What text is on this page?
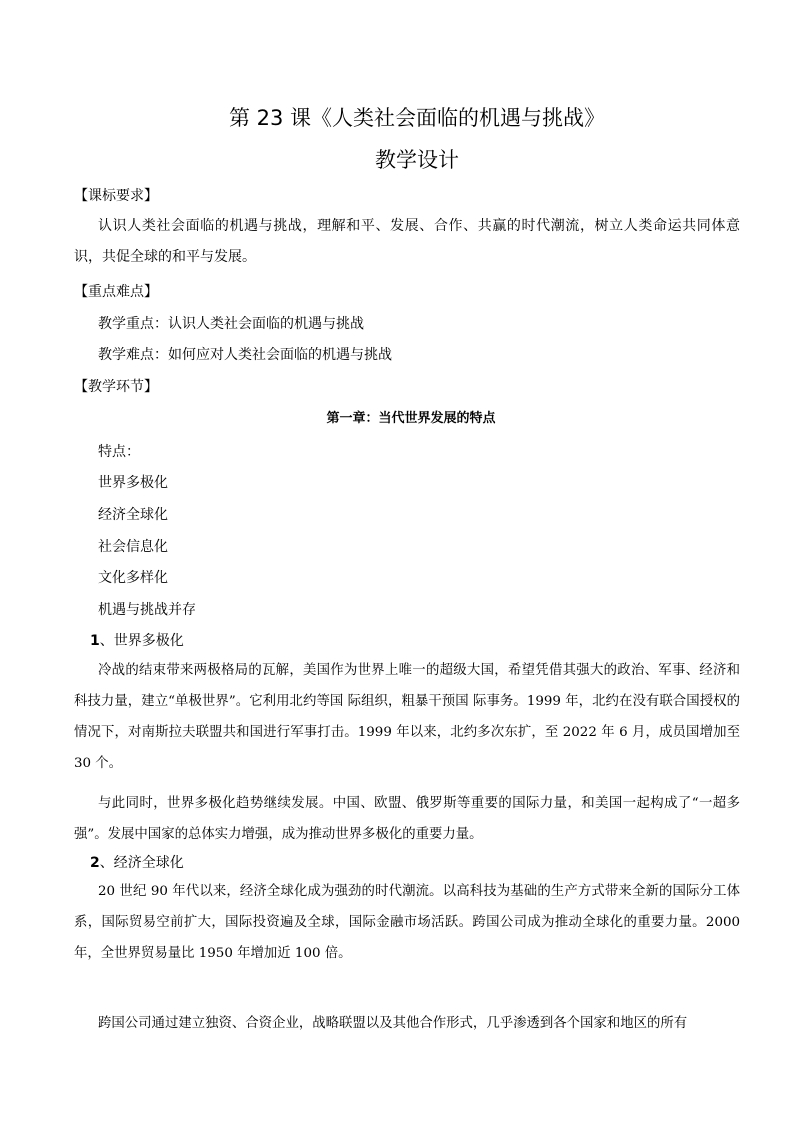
第 23 课《人类社会面临的机遇与挑战》
教学设计
【课标要求】
认识人类社会面临的机遇与挑战，理解和平、发展、合作、共赢的时代潮流，树立人类命运共同体意识，共促全球的和平与发展。
【重点难点】
教学重点：认识人类社会面临的机遇与挑战
教学难点：如何应对人类社会面临的机遇与挑战
【教学环节】
第一章：当代世界发展的特点
特点：
世界多极化
经济全球化
社会信息化
文化多样化
机遇与挑战并存
1、世界多极化
冷战的结束带来两极格局的瓦解，美国作为世界上唯一的超级大国，希望凭借其强大的政治、军事、经济和科技力量，建立“单极世界”。它利用北约等国 际组织，粗暴干预国 际事务。1999 年，北约在没有联合国授权的情况下，对南斯拉夫联盟共和国进行军事打击。1999 年以来，北约多次东扩，至 2022 年 6 月，成员国增加至 30 个。
与此同时，世界多极化趋势继续发展。中国、欧盟、俄罗斯等重要的国际力量，和美国一起构成了“一超多强”。发展中国家的总体实力增强，成为推动世界多极化的重要力量。
2、经济全球化
20 世纪 90 年代以来，经济全球化成为强劲的时代潮流。以高科技为基础的生产方式带来全新的国际分工体系，国际贸易空前扩大，国际投资遍及全球，国际金融市场活跃。跨国公司成为推动全球化的重要力量。2000 年，全世界贸易量比 1950 年增加近 100 倍。
跨国公司通过建立独资、合资企业，战略联盟以及其他合作形式，几乎渗透到各个国家和地区的所有
